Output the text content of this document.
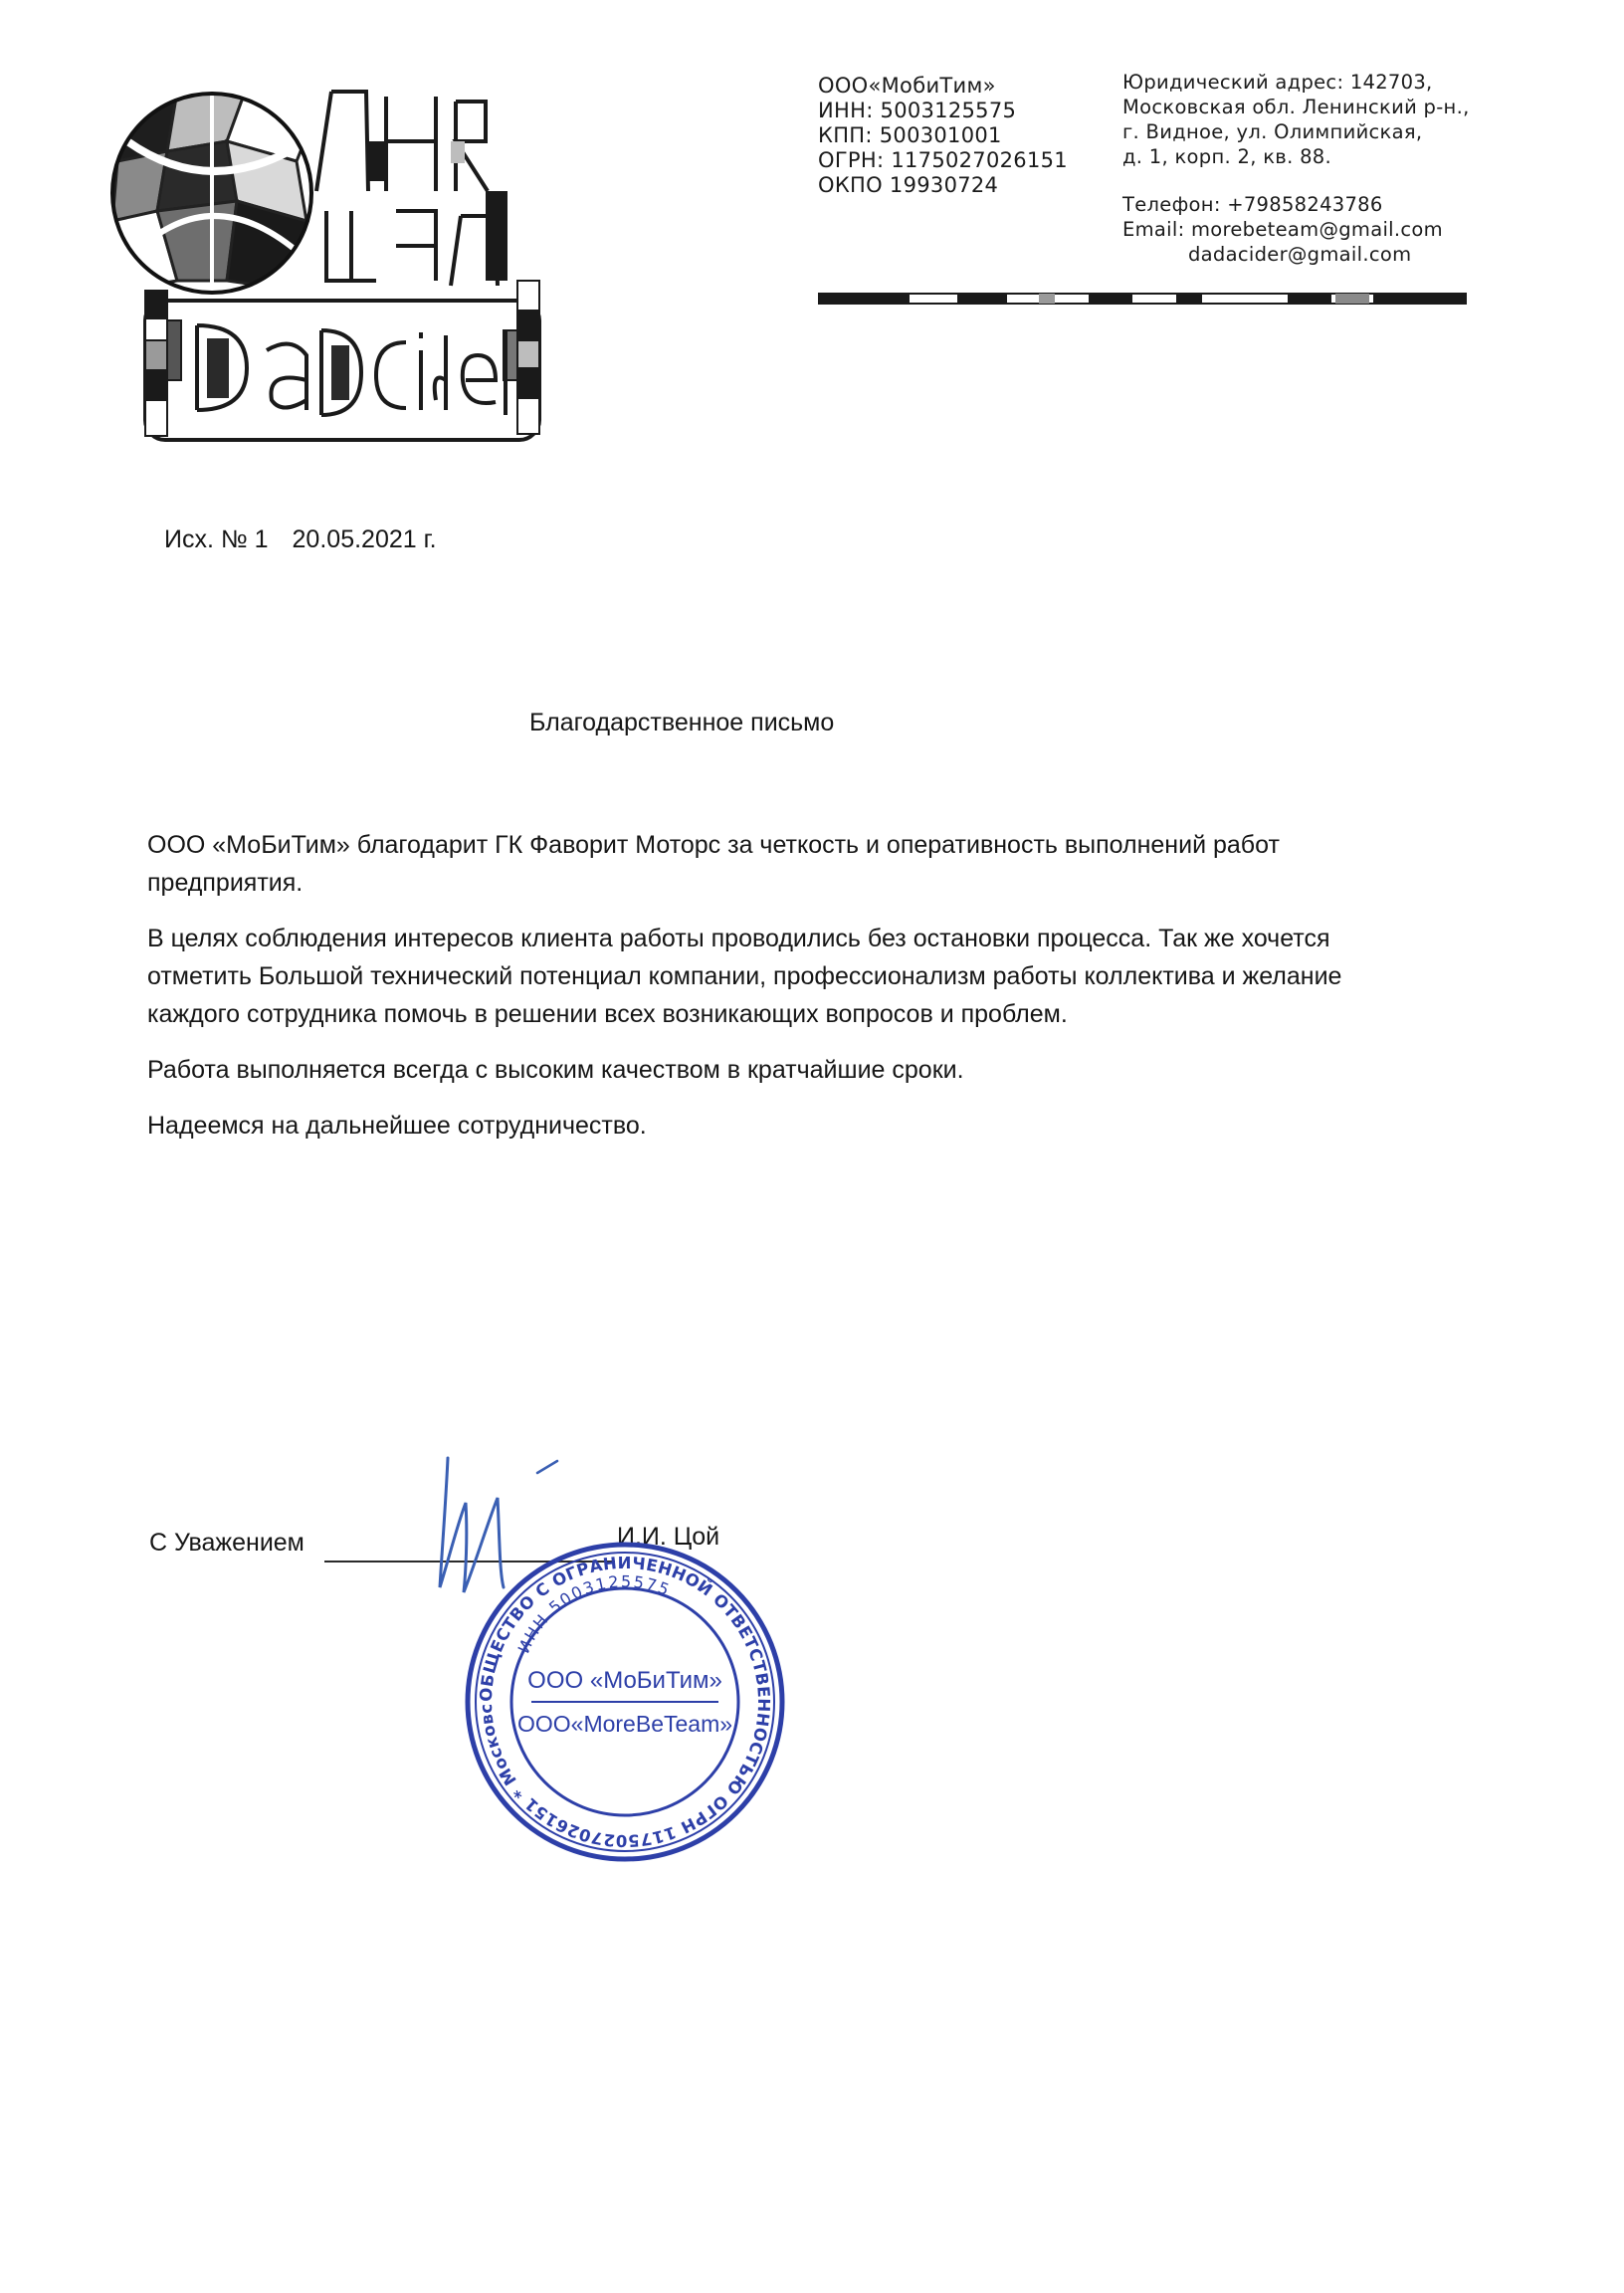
ООО«МобиТим»
ИНН: 5003125575
КПП: 500301001
ОГРН: 1175027026151
ОКПО 19930724
Юридический адрес: 142703,
Московская обл. Ленинский р-н.,
г. Видное, ул. Олимпийская,
д. 1, корп. 2, кв. 88.
Телефон: +79858243786
Email: morebeteam@gmail.com
dadacider@gmail.com
Исх. № 1 20.05.2021 г.
Благодарственное письмо

ООО «МоБиТим» благодарит ГК Фаворит Моторс за четкость и оперативность выполнений работ
предприятия.

В целях соблюдения интересов клиента работы проводились без остановки процесса. Так же хочется
отметить Большой технический потенциал компании, профессионализм работы коллектива и желание
каждого сотрудника помочь в решении всех возникающих вопросов и проблем.

Работа выполняется всегда с высоким качеством в кратчайшие сроки.

Надеемся на дальнейшее сотрудничество.

С Уважением	И.И. Цой
ОБЩЕСТВО С ОГРАНИЧЕННОЙ ОТВЕТСТВЕННОСТЬЮ ОГРН 1175027026151 * Московс
ИНН 5003125575
ООО «МоБиТим»
ООО«MoreBeTeam»
